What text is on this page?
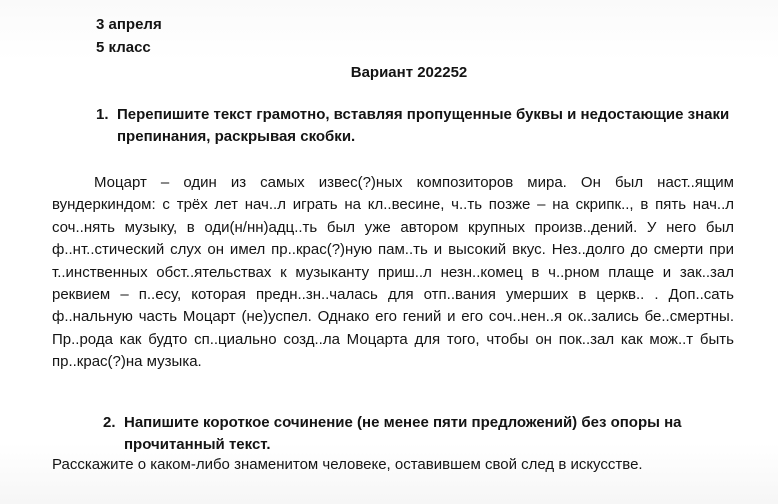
3 апреля
5 класс
Вариант 202252
1. Перепишите текст грамотно, вставляя пропущенные буквы и недостающие знаки препинания, раскрывая скобки.

Моцарт – один из самых извес(?)ных композиторов мира. Он был наст..ящим вундеркиндом: с трёх лет нач..л играть на кл..весине, ч..ть позже – на скрипк.., в пять нач..л соч..нять музыку, в оди(н/нн)адц..ть был уже автором крупных произв..дений. У него был ф..нт..стический слух он имел пр..крас(?)ную пам..ть и высокий вкус. Нез..долго до смерти при т..инственных обст..ятельствах к музыканту приш..л незн..комец в ч..рном плаще и зак..зал реквием – п..есу, которая предн..зн..чалась для отп..вания умерших в церкв.. . Доп..сать ф..нальную часть Моцарт (не)успел. Однако его гений и его соч..нен..я ок..зались бе..смертны. Пр..рода как будто сп..циально созд..ла Моцарта для того, чтобы он пок..зал как мож..т быть пр..крас(?)на музыка.

2. Напишите короткое сочинение (не менее пяти предложений) без опоры на прочитанный текст.
Расскажите о каком-либо знаменитом человеке, оставившем свой след в искусстве.
